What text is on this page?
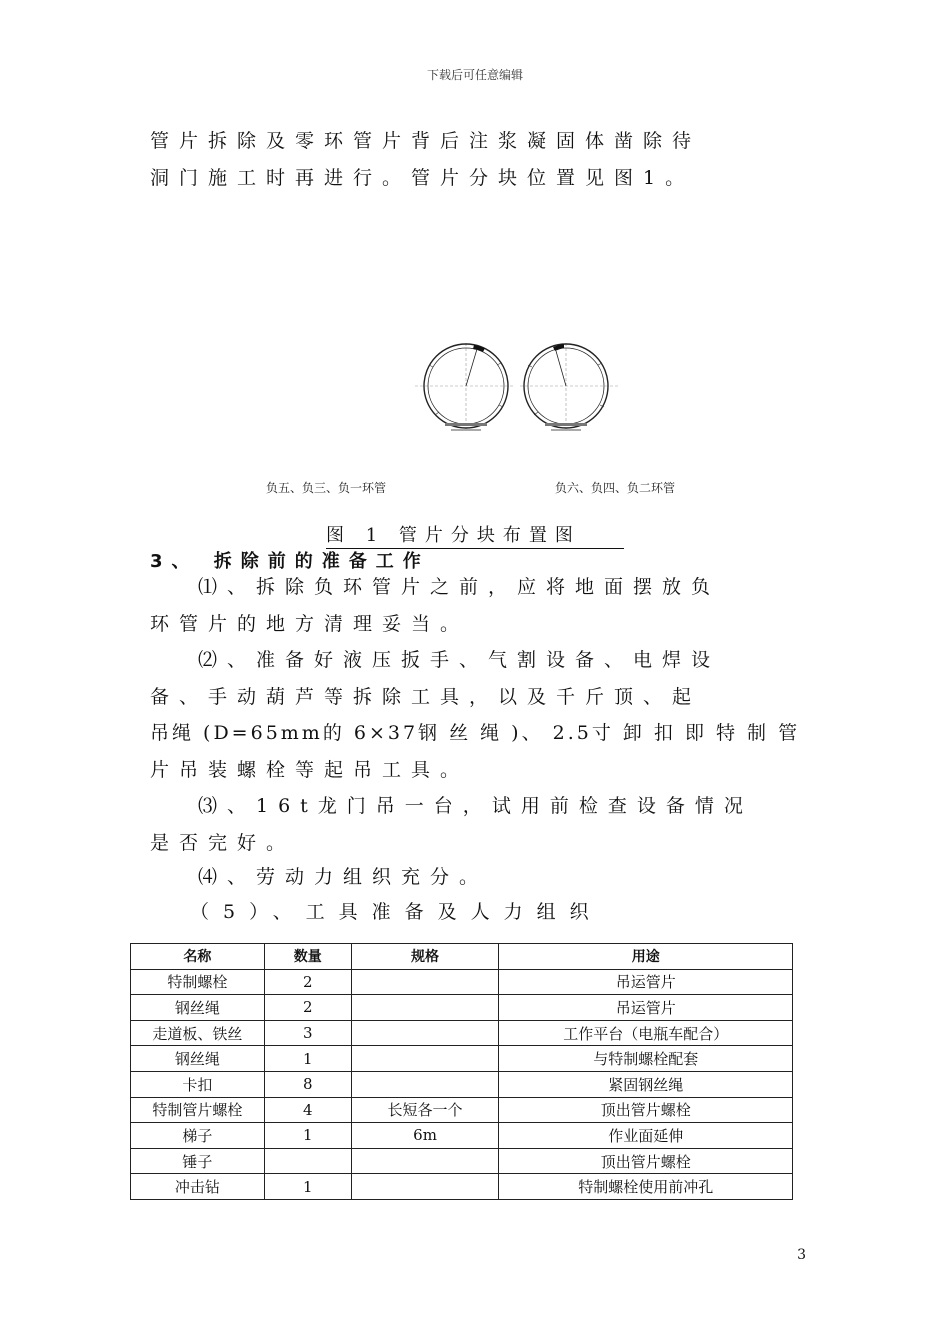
下载后可任意编辑
管片拆除及零环管片背后注浆凝固体凿除待
洞门施工时再进行。管片分块位置见图1。
负五、负三、负一环管	负六、负四、负二环管
图 1 管片分块布置图
3、 拆除前的准备工作
⑴、拆除负环管片之前，应将地面摆放负
环管片的地方清理妥当。
⑵、准备好液压扳手、气割设备、电焊设
备、手动葫芦等拆除工具，以及千斤顶、起
吊绳 (D=65mm的 6×37钢 丝 绳 )、 2.5寸 卸 扣 即 特 制 管
片吊装螺栓等起吊工具。
⑶、16t龙门吊一台，试用前检查设备情况
是否完好。
⑷、劳动力组织充分。
（5）、工具准备及人力组织
名称	数量	规格	用途
特制螺栓	2		吊运管片
钢丝绳	2		吊运管片
走道板、铁丝	3		工作平台（电瓶车配合）
钢丝绳	1		与特制螺栓配套
卡扣	8		紧固钢丝绳
特制管片螺栓	4	长短各一个	顶出管片螺栓
梯子	1	6m	作业面延伸
锤子			顶出管片螺栓
冲击钻	1		特制螺栓使用前冲孔
3
